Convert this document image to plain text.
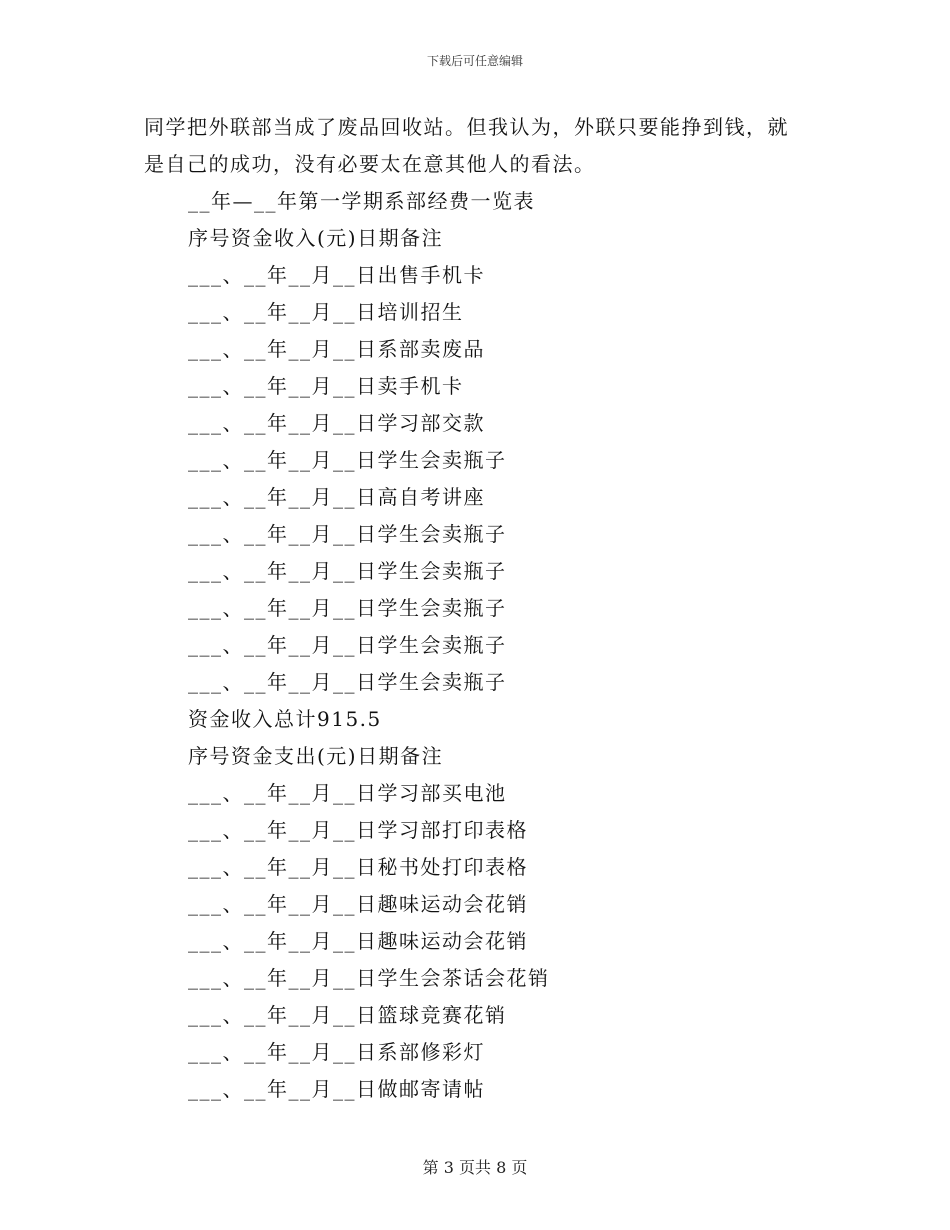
下载后可任意编辑

同学把外联部当成了废品回收站。但我认为，外联只要能挣到钱，就

是自己的成功，没有必要太在意其他人的看法。

__年—__年第一学期系部经费一览表

序号资金收入(元)日期备注

___、__年__月__日出售手机卡

___、__年__月__日培训招生

___、__年__月__日系部卖废品

___、__年__月__日卖手机卡

___、__年__月__日学习部交款

___、__年__月__日学生会卖瓶子

___、__年__月__日高自考讲座

___、__年__月__日学生会卖瓶子

___、__年__月__日学生会卖瓶子

___、__年__月__日学生会卖瓶子

___、__年__月__日学生会卖瓶子

___、__年__月__日学生会卖瓶子

资金收入总计915.5

序号资金支出(元)日期备注

___、__年__月__日学习部买电池

___、__年__月__日学习部打印表格

___、__年__月__日秘书处打印表格

___、__年__月__日趣味运动会花销

___、__年__月__日趣味运动会花销

___、__年__月__日学生会茶话会花销

___、__年__月__日篮球竞赛花销

___、__年__月__日系部修彩灯

___、__年__月__日做邮寄请帖

第 3 页共 8 页
